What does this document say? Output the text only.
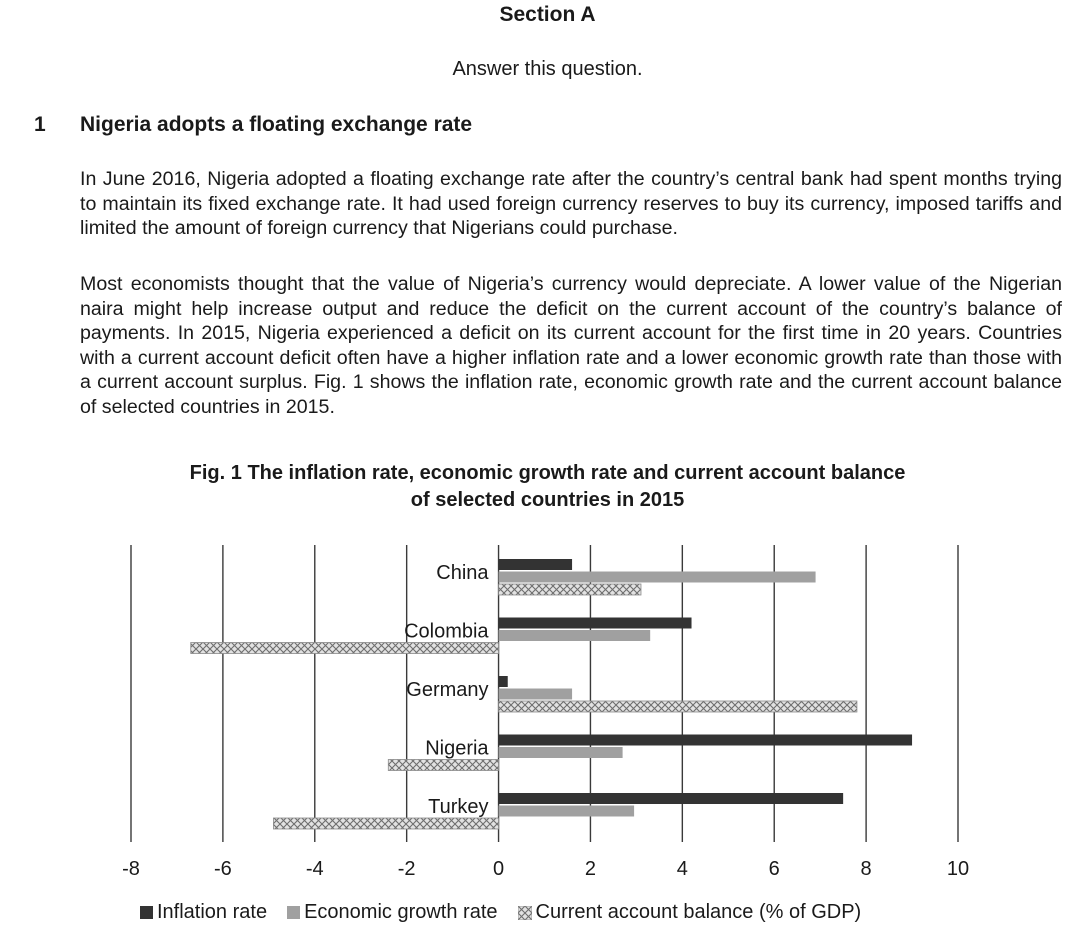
Section A
Answer this question.
1 Nigeria adopts a floating exchange rate

In June 2016, Nigeria adopted a floating exchange rate after the country’s central bank had spent months trying to maintain its fixed exchange rate. It had used foreign currency reserves to buy its currency, imposed tariffs and limited the amount of foreign currency that Nigerians could purchase.

Most economists thought that the value of Nigeria’s currency would depreciate. A lower value of the Nigerian naira might help increase output and reduce the deficit on the current account of the country’s balance of payments. In 2015, Nigeria experienced a deficit on its current account for the first time in 20 years. Countries with a current account deficit often have a higher inflation rate and a lower economic growth rate than those with a current account surplus. Fig. 1 shows the inflation rate, economic growth rate and the current account balance of selected countries in 2015.

Fig. 1 The inflation rate, economic growth rate and current account balance
of selected countries in 2015
China
Colombia
Germany
Nigeria
Turkey
-8	-6	-4	-2	0	2	4	6	8	10
Inflation rate Economic growth rate Current account balance (% of GDP)
